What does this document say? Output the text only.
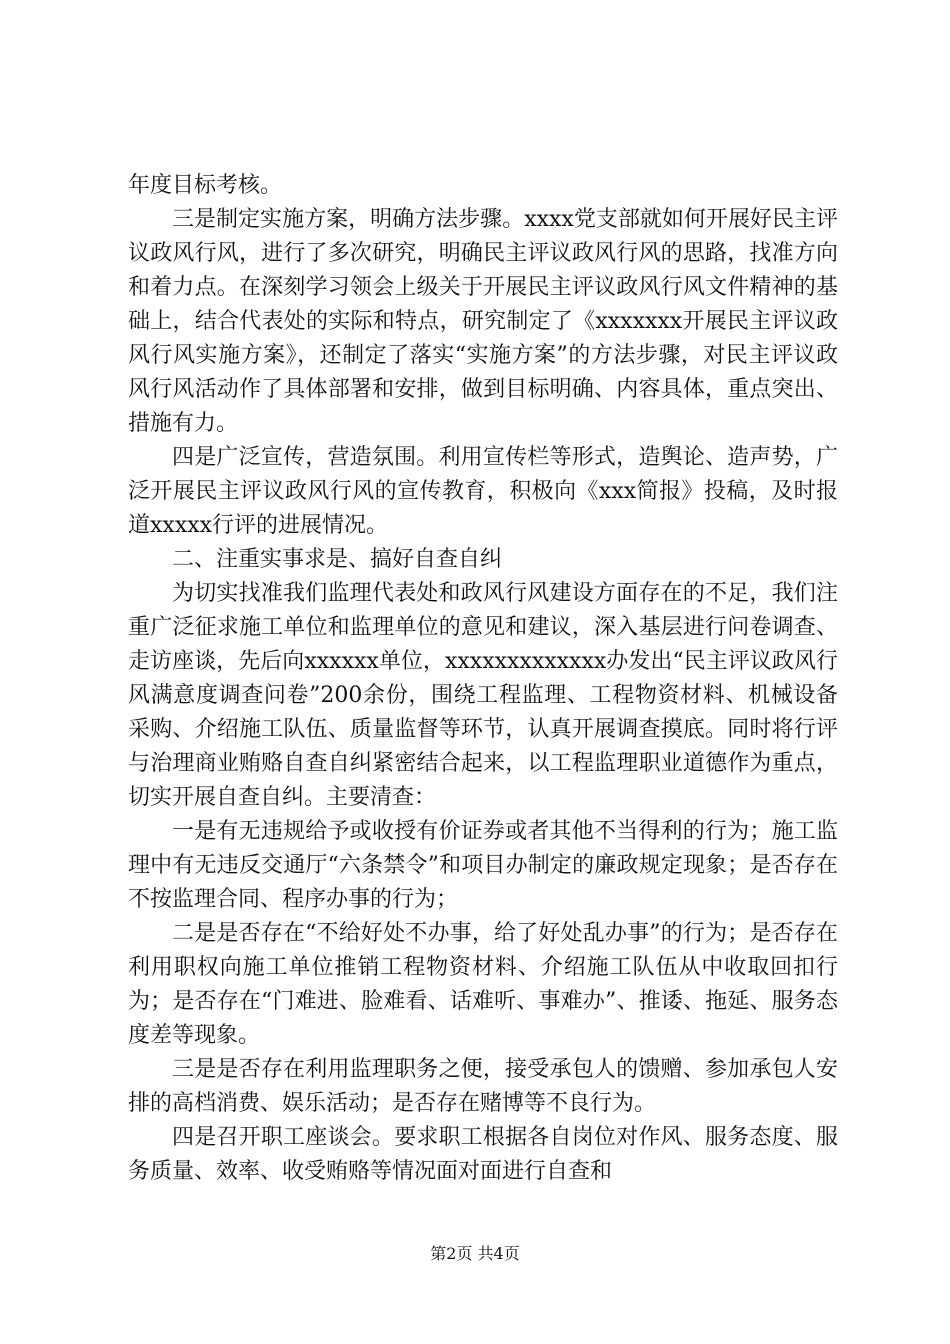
年度目标考核。

三是制定实施方案，明确方法步骤。xxxx党支部就如何开展好民主评议政风行风，进行了多次研究，明确民主评议政风行风的思路，找准方向和着力点。在深刻学习领会上级关于开展民主评议政风行风文件精神的基础上，结合代表处的实际和特点，研究制定了《xxxxxxx开展民主评议政风行风实施方案》，还制定了落实“实施方案”的方法步骤，对民主评议政风行风活动作了具体部署和安排，做到目标明确、内容具体，重点突出、措施有力。

四是广泛宣传，营造氛围。利用宣传栏等形式，造舆论、造声势，广泛开展民主评议政风行风的宣传教育，积极向《xxx简报》投稿，及时报道xxxxx行评的进展情况。

二、注重实事求是、搞好自查自纠

为切实找准我们监理代表处和政风行风建设方面存在的不足，我们注重广泛征求施工单位和监理单位的意见和建议，深入基层进行问卷调查、走访座谈，先后向xxxxxx单位，xxxxxxxxxxxxx办发出“民主评议政风行风满意度调查问卷”200余份，围绕工程监理、工程物资材料、机械设备采购、介绍施工队伍、质量监督等环节，认真开展调查摸底。同时将行评与治理商业贿赂自查自纠紧密结合起来，以工程监理职业道德作为重点，切实开展自查自纠。主要清查：

一是有无违规给予或收授有价证券或者其他不当得利的行为；施工监理中有无违反交通厅“六条禁令”和项目办制定的廉政规定现象；是否存在不按监理合同、程序办事的行为；

二是是否存在“不给好处不办事，给了好处乱办事”的行为；是否存在利用职权向施工单位推销工程物资材料、介绍施工队伍从中收取回扣行为；是否存在“门难进、脸难看、话难听、事难办”、推诿、拖延、服务态度差等现象。

三是是否存在利用监理职务之便，接受承包人的馈赠、参加承包人安排的高档消费、娱乐活动；是否存在赌博等不良行为。

四是召开职工座谈会。要求职工根据各自岗位对作风、服务态度、服务质量、效率、收受贿赂等情况面对面进行自查和

第2页 共4页
